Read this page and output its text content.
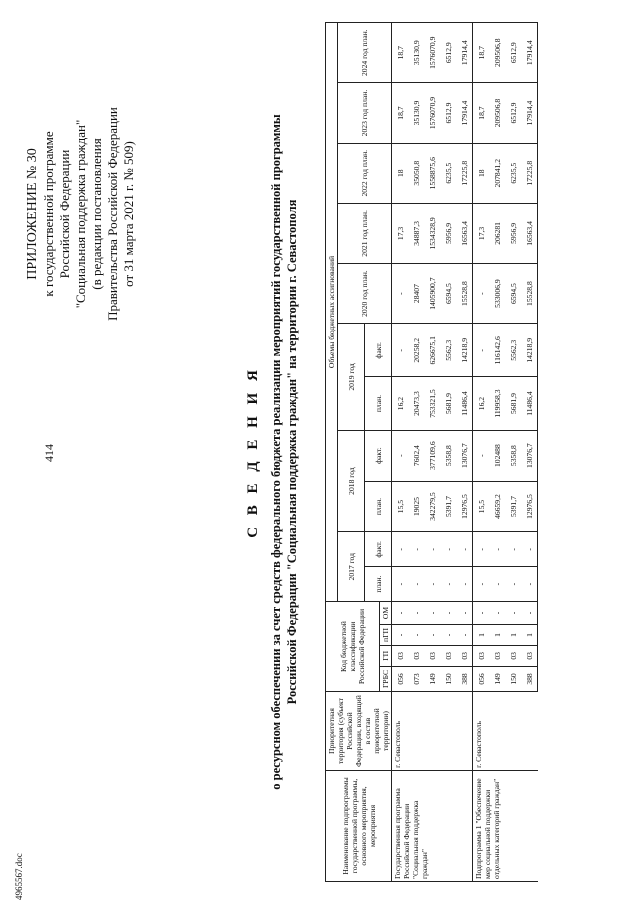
414
4965567.doc
ПРИЛОЖЕНИЕ № 30 к государственной программе Российской Федерации "Социальная поддержка граждан" (в редакции постановления Правительства Российской Федерации от 31 марта 2021 г. № 509)
С В Е Д Е Н И Я о ресурсном обеспечении за счет средств федерального бюджета реализации мероприятий государственной программы Российской Федерации "Социальная поддержка граждан" на территории г. Севастополя
Наименование подпрограммы государственной программы, основного мероприятия, мероприятия	Приоритетная территория (субъект Российской Федерации, входящий в состав приоритетной территории)	Код бюджетной классификации Российской Федерации				Объемы бюджетных ассигнований										
						2017 год		2018 год		2019 год		2020 год план.	2021 год план.	2022 год план.	2023 год план.	2024 год план.
						план.	факт.	план.	факт.	план.	факт.					
		ГРБС	ГП	пГП	ОМ											
Государственная программа Российской Федерации "Социальная поддержка граждан"	г. Севастополь	056	03	-	-	-	-	15,5	-	16,2	-	-	17,3	18	18,7	18,7
		073	03	-	-	-	-	19025	7602,4	20473,3	20258,2	28407	34887,3	35050,8	35130,9	35130,9
		149	03	-	-	-	-	342279,5	377109,6	753321,5	626675,1	1405900,7	1534328,9	1558875,6	1576070,9	1576070,9
		150	03	-	-	-	-	5391,7	5358,8	5681,9	5562,3	6594,5	5956,9	6235,5	6512,9	6512,9
		388	03	-	-	-	-	12976,5	13076,7	11486,4	14218,9	15528,8	16563,4	17225,8	17914,4	17914,4
Подпрограмма 1 "Обеспечение мер социальной поддержки отдельных категорий граждан"	г. Севастополь	056	03	1	-	-	-	15,5	-	16,2	-	-	17,3	18	18,7	18,7
		149	03	1	-	-	-	46659,2	102488	119958,3	116142,6	533006,9	206281	207841,2	209506,8	209506,8
		150	03	1	-	-	-	5391,7	5358,8	5681,9	5562,3	6594,5	5956,9	6235,5	6512,9	6512,9
		388	03	1	-	-	-	12976,5	13076,7	11486,4	14218,9	15528,8	16563,4	17225,8	17914,4	17914,4
